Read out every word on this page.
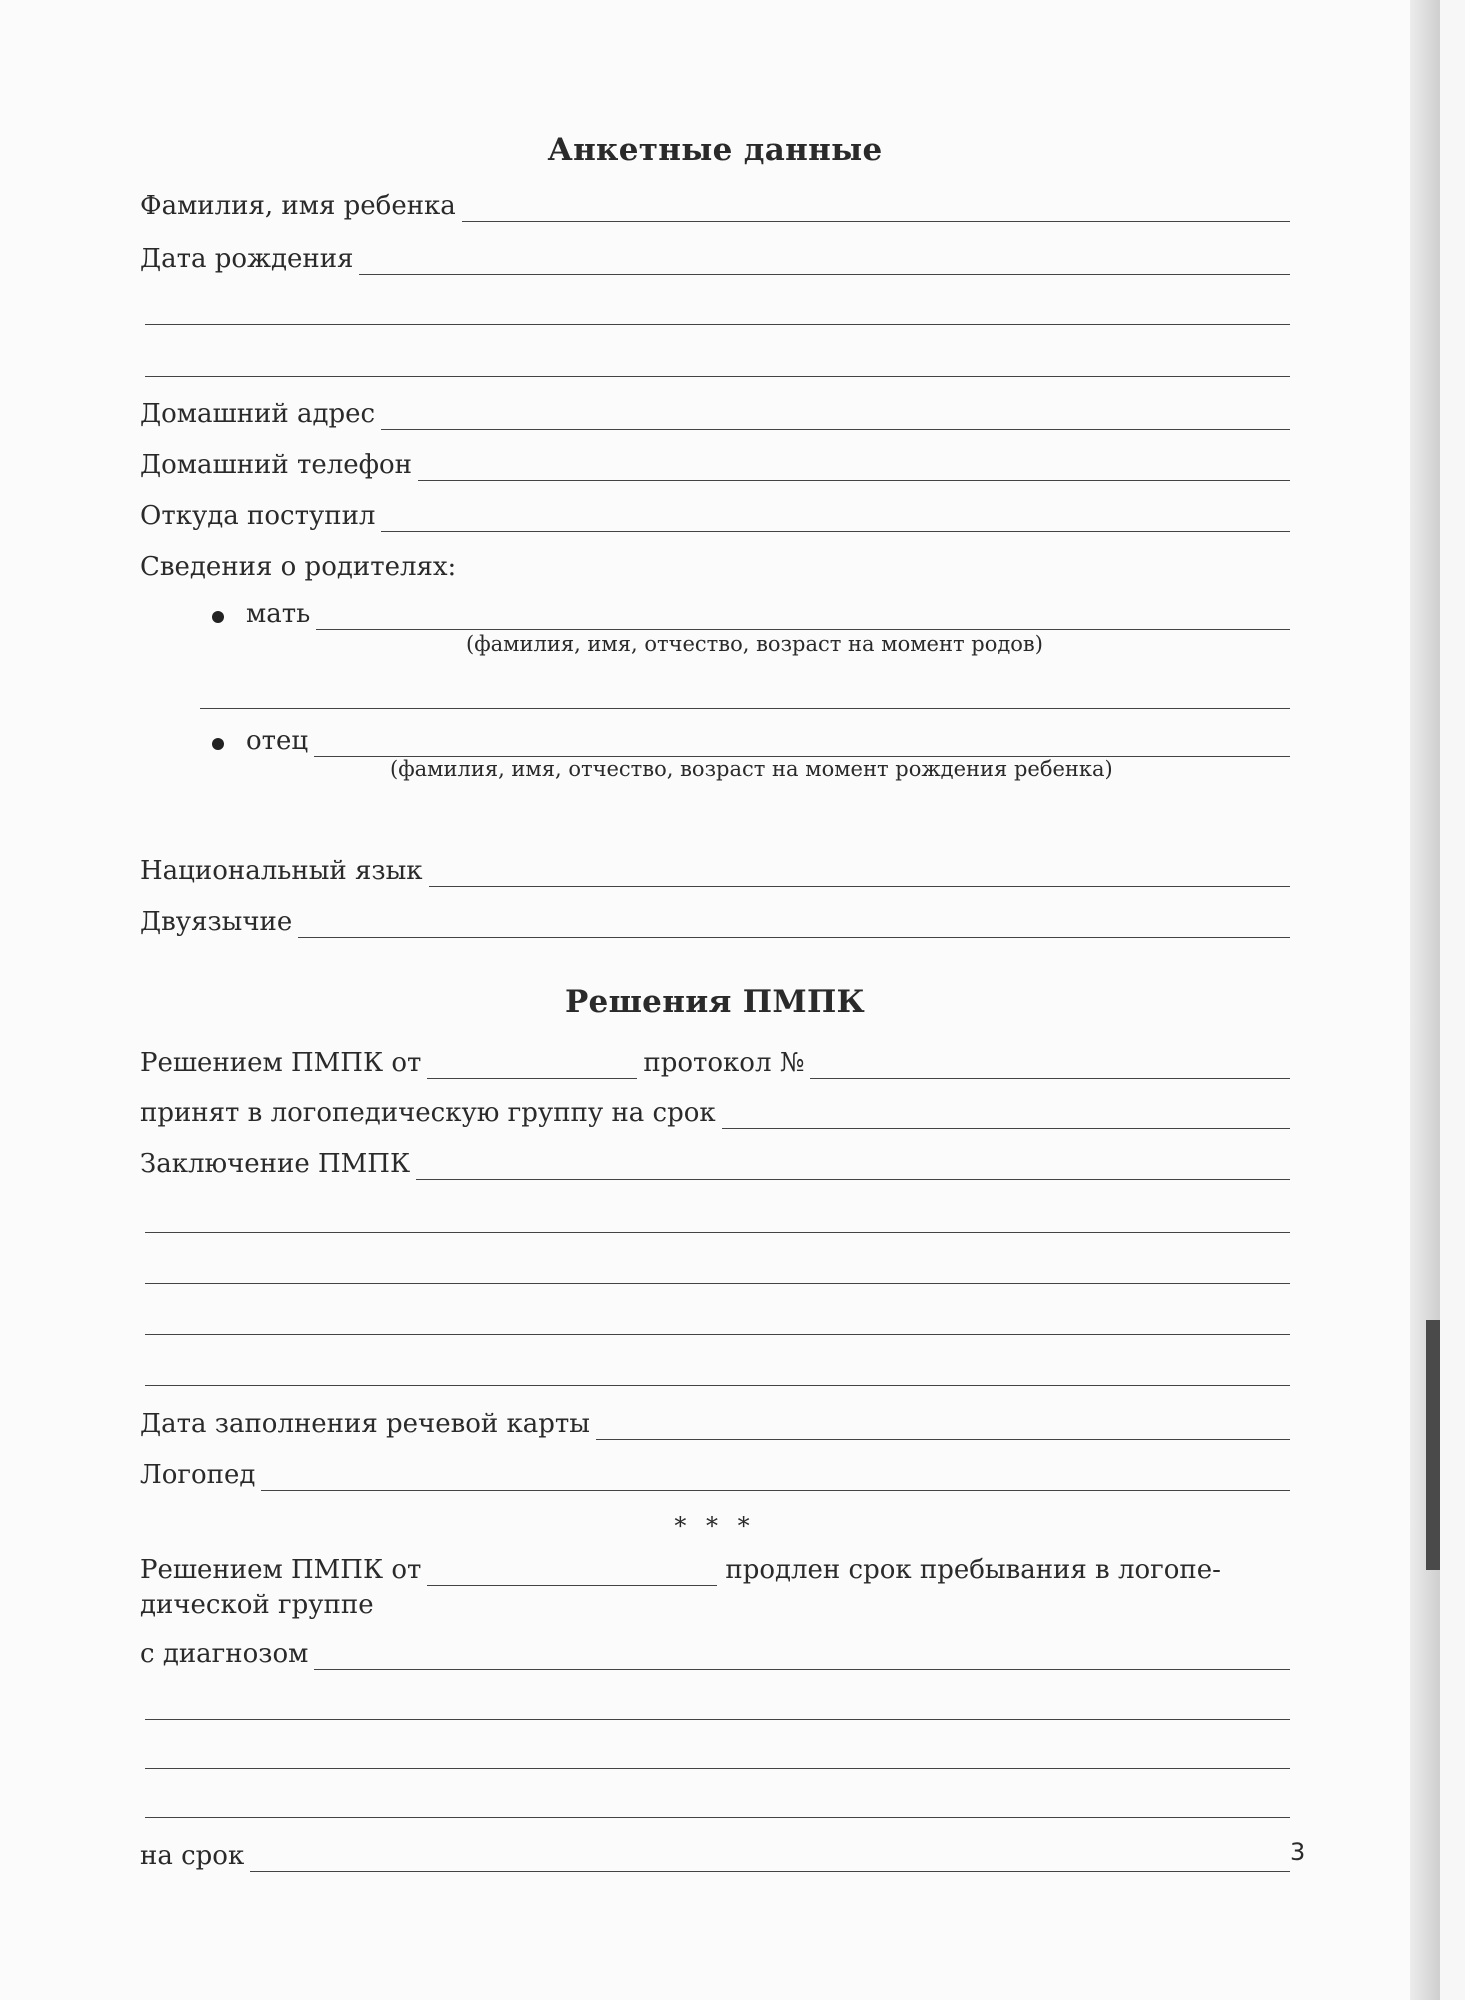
Анкетные данные
Фамилия, имя ребенка
Дата рождения
Домашний адрес
Домашний телефон
Откуда поступил
Сведения о родителях:
мать
(фамилия, имя, отчество, возраст на момент родов)
отец
(фамилия, имя, отчество, возраст на момент рождения ребенка)
Национальный язык
Двуязычие
Решения ПМПК
Решением ПМПК от	протокол №
принят в логопедическую группу на срок
Заключение ПМПК
Дата заполнения речевой карты
Логопед
* * *
Решением ПМПК от	продлен срок пребывания в логопе-
дической группе
с диагнозом
на срок	3
